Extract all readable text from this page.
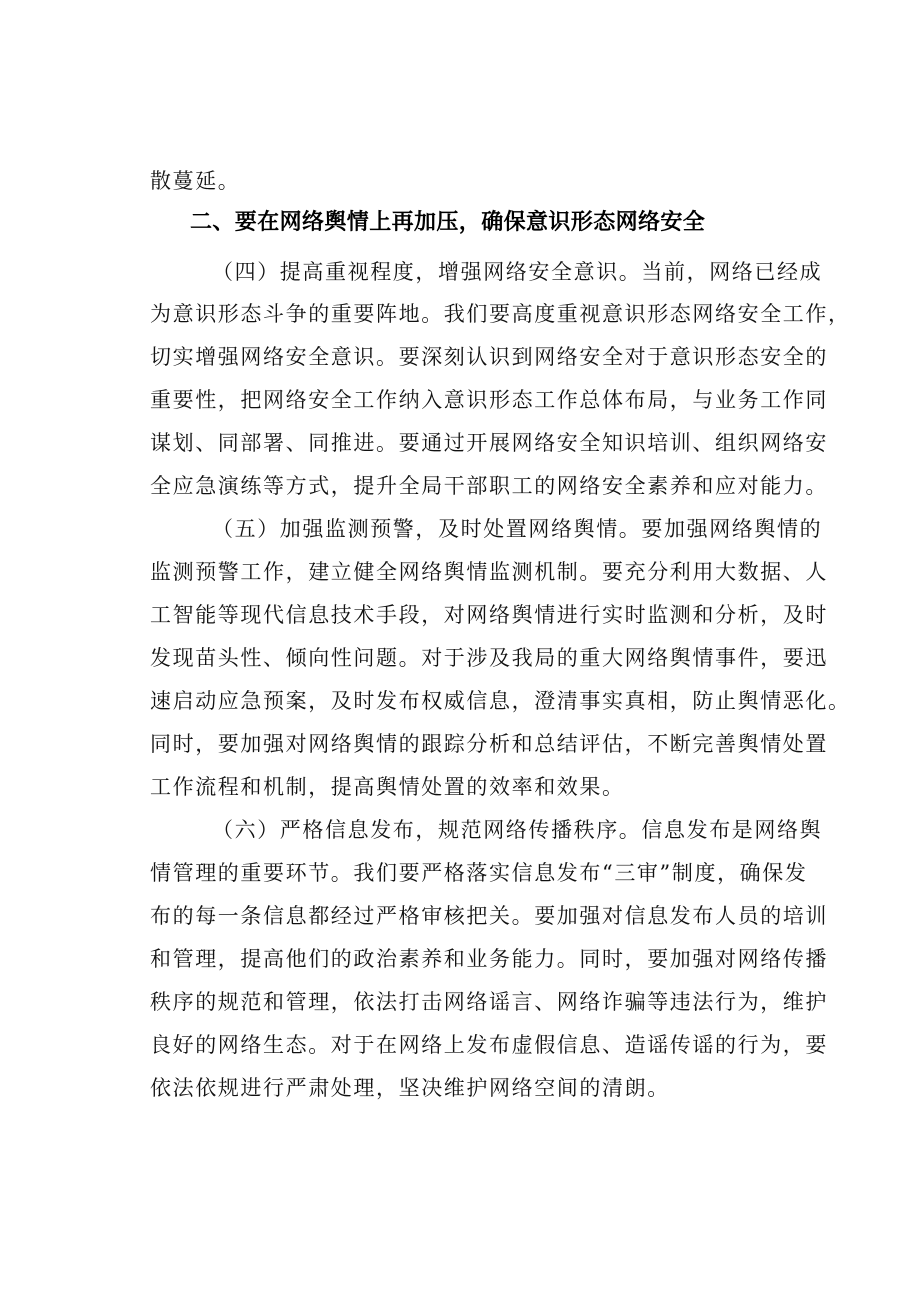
散蔓延。
二、要在网络舆情上再加压，确保意识形态网络安全
（四）提高重视程度，增强网络安全意识。当前，网络已经成
为意识形态斗争的重要阵地。我们要高度重视意识形态网络安全工作，
切实增强网络安全意识。要深刻认识到网络安全对于意识形态安全的
重要性，把网络安全工作纳入意识形态工作总体布局，与业务工作同
谋划、同部署、同推进。要通过开展网络安全知识培训、组织网络安
全应急演练等方式，提升全局干部职工的网络安全素养和应对能力。
（五）加强监测预警，及时处置网络舆情。要加强网络舆情的
监测预警工作，建立健全网络舆情监测机制。要充分利用大数据、人
工智能等现代信息技术手段，对网络舆情进行实时监测和分析，及时
发现苗头性、倾向性问题。对于涉及我局的重大网络舆情事件，要迅
速启动应急预案，及时发布权威信息，澄清事实真相，防止舆情恶化。
同时，要加强对网络舆情的跟踪分析和总结评估，不断完善舆情处置
工作流程和机制，提高舆情处置的效率和效果。
（六）严格信息发布，规范网络传播秩序。信息发布是网络舆
情管理的重要环节。我们要严格落实信息发布“三审”制度，确保发
布的每一条信息都经过严格审核把关。要加强对信息发布人员的培训
和管理，提高他们的政治素养和业务能力。同时，要加强对网络传播
秩序的规范和管理，依法打击网络谣言、网络诈骗等违法行为，维护
良好的网络生态。对于在网络上发布虚假信息、造谣传谣的行为，要
依法依规进行严肃处理，坚决维护网络空间的清朗。
